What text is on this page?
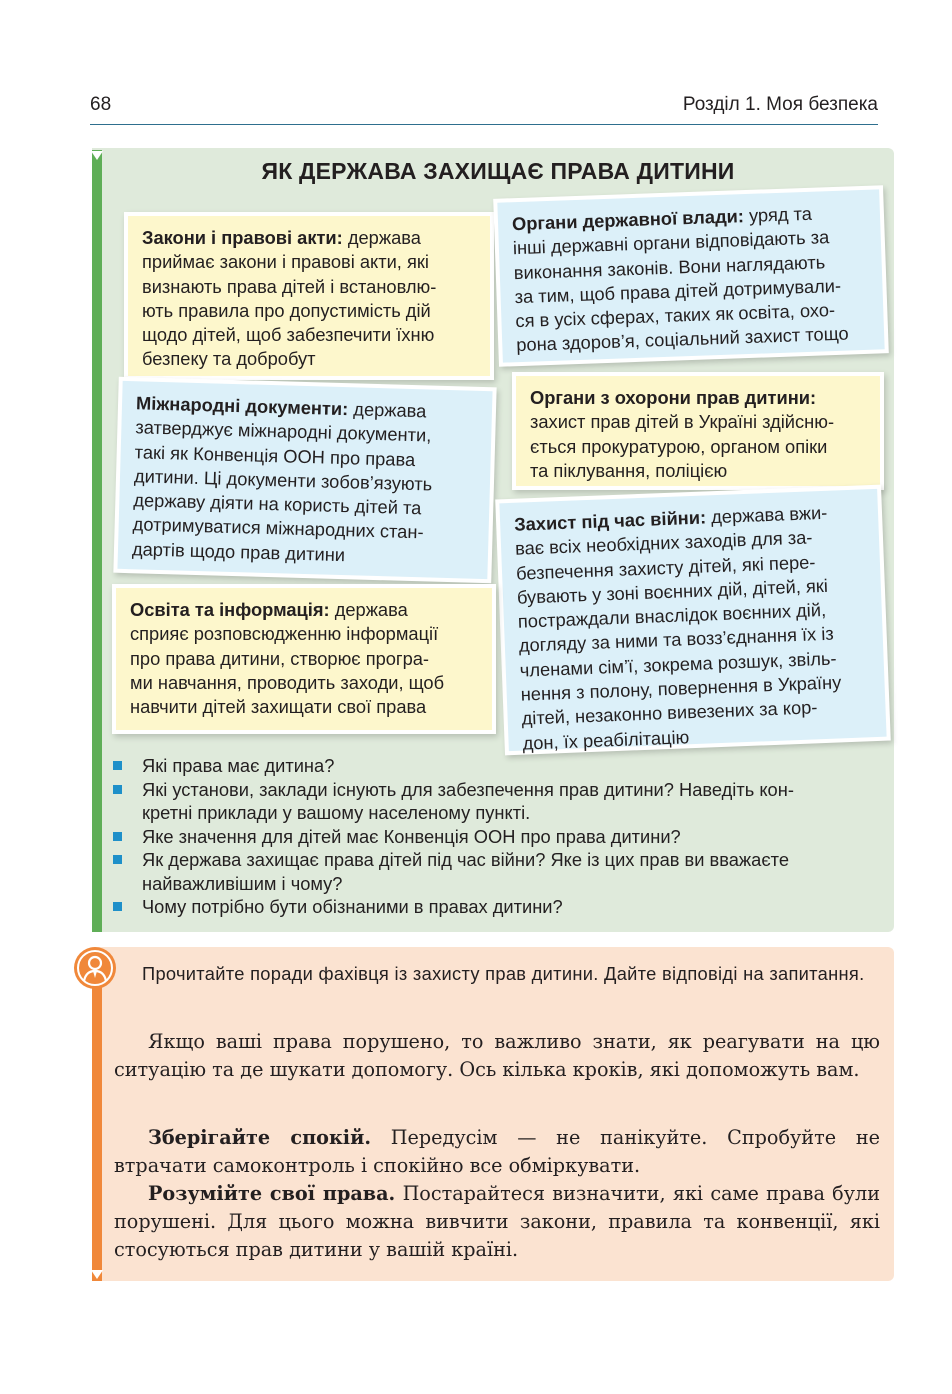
68	Розділ 1. Моя безпека
ЯК ДЕРЖАВА ЗАХИЩАЄ ПРАВА ДИТИНИ
Закони і правові акти: держава
приймає закони і правові акти, які
визнають права дітей і встановлю-
ють правила про допустимість дій
щодо дітей, щоб забезпечити їхню
безпеку та добробут
Органи державної влади: уряд та
інші державні органи відповідають за
виконання законів. Вони наглядають
за тим, щоб права дітей дотримували-
ся в усіх сферах, таких як освіта, охо-
рона здоров’я, соціальний захист тощо
Міжнародні документи: держава
затверджує міжнародні документи,
такі як Конвенція ООН про права
дитини. Ці документи зобов’язують
державу діяти на користь дітей та
дотримуватися міжнародних стан-
дартів щодо прав дитини
Органи з охорони прав дитини:
захист прав дітей в Україні здійсню-
ється прокуратурою, органом опіки
та піклування, поліцією
Захист під час війни: держава вжи-
ває всіх необхідних заходів для за-
безпечення захисту дітей, які пере-
бувають у зоні воєнних дій, дітей, які
постраждали внаслідок воєнних дій,
догляду за ними та возз’єднання їх із
членами сім’ї, зокрема розшук, звіль-
нення з полону, повернення в Україну
дітей, незаконно вивезених за кор-
дон, їх реабілітацію
Освіта та інформація: держава
сприяє розповсюдженню інформації
про права дитини, створює програ-
ми навчання, проводить заходи, щоб
навчити дітей захищати свої права
Які права має дитина?
Які установи, заклади існують для забезпечення прав дитини? Наведіть кон-
кретні приклади у вашому населеному пункті.
Яке значення для дітей має Конвенція ООН про права дитини?
Як держава захищає права дітей під час війни? Яке із цих прав ви вважаєте
найважливішим і чому?
Чому потрібно бути обізнаними в правах дитини?
Прочитайте поради фахівця із захисту прав дитини. Дайте відповіді на запитання.
Якщо ваші права порушено, то важливо знати, як реагувати на цю ситуацію та де шукати допомогу. Ось кілька кроків, які допоможуть вам.
Зберігайте спокій. Передусім — не панікуйте. Спробуйте не втрачати самоконтроль і спокійно все обміркувати.
Розумійте свої права. Постарайтеся визначити, які саме права були порушені. Для цього можна вивчити закони, правила та конвенції, які стосуються прав дитини у вашій країні.
